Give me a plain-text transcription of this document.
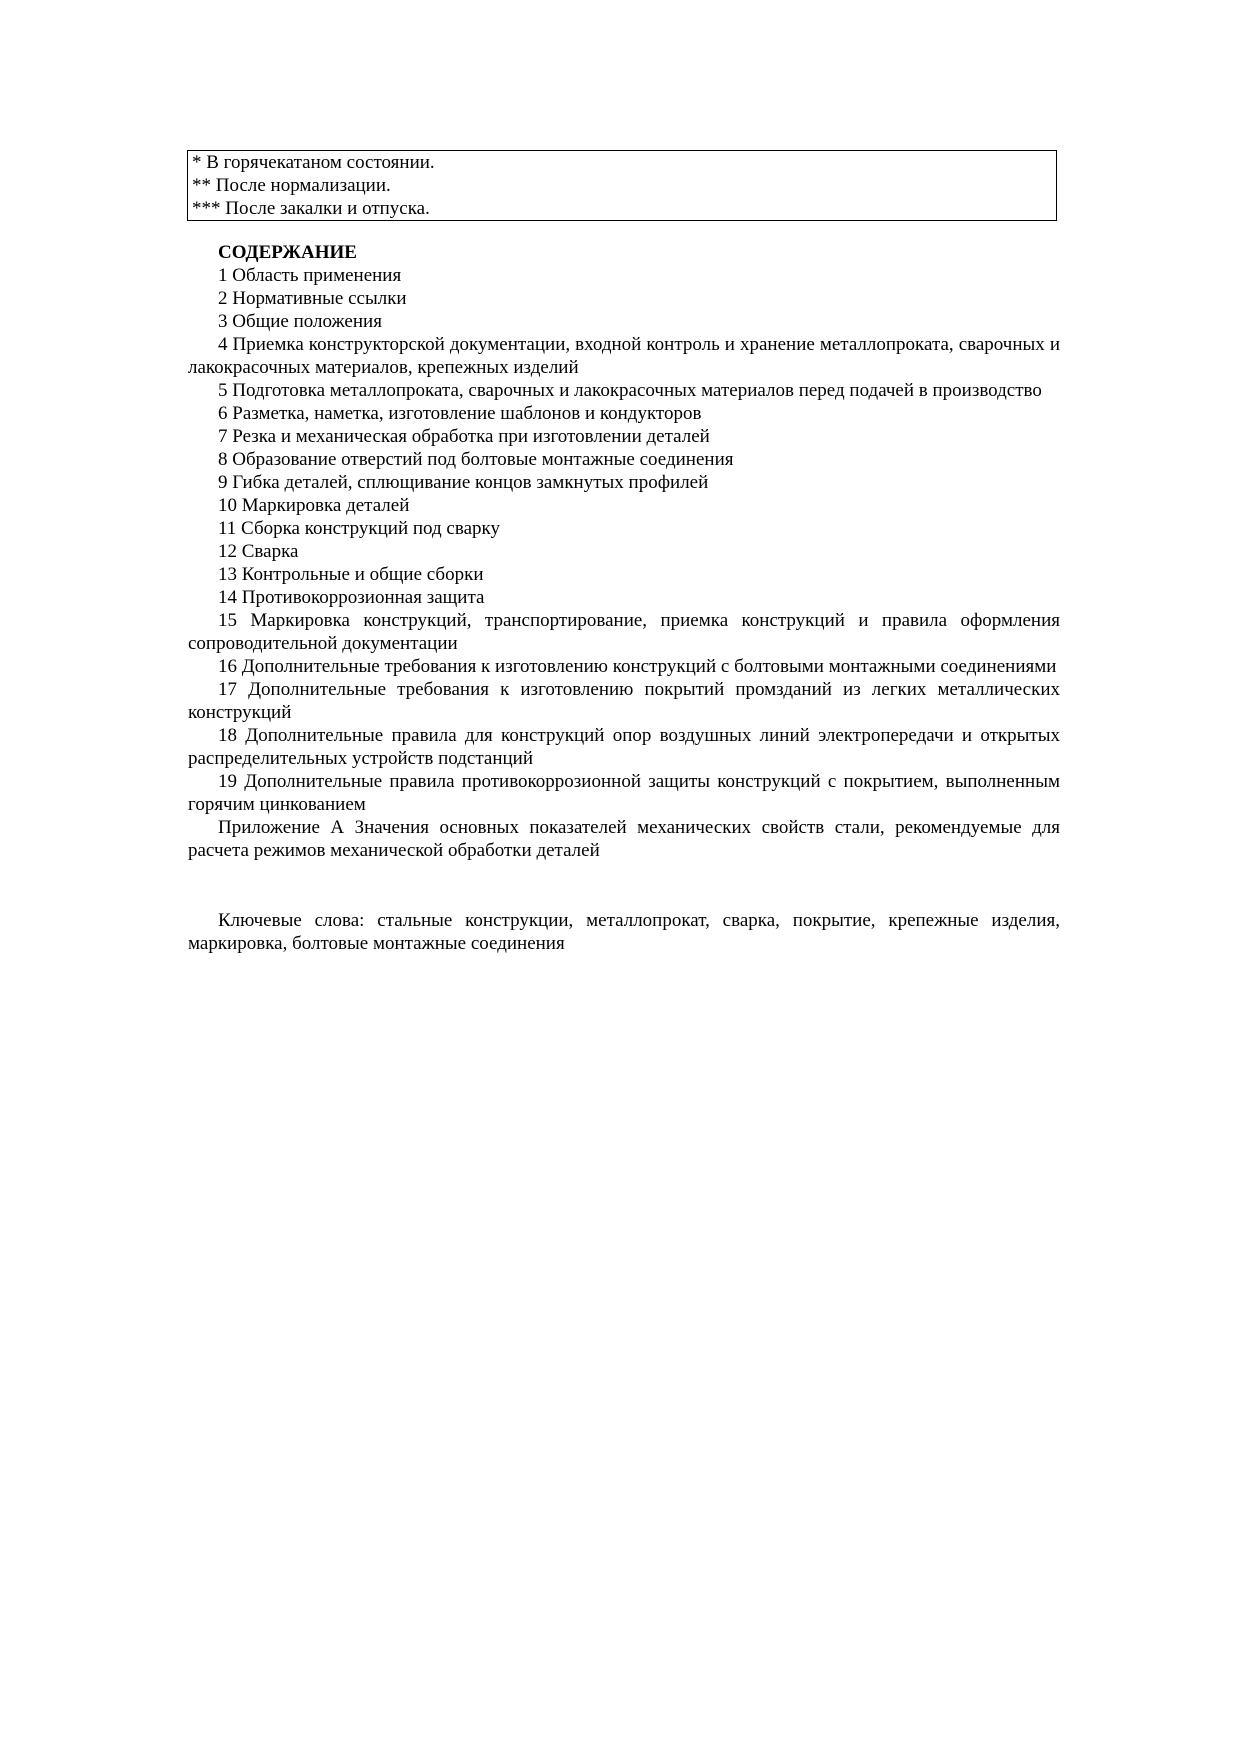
* В горячекатаном состоянии.
** После нормализации.
*** После закалки и отпуска.

СОДЕРЖАНИЕ

1 Область применения

2 Нормативные ссылки

3 Общие положения

4 Приемка конструкторской документации, входной контроль и хранение металлопроката, сварочных и лакокрасочных материалов, крепежных изделий

5 Подготовка металлопроката, сварочных и лакокрасочных материалов перед подачей в производство

6 Разметка, наметка, изготовление шаблонов и кондукторов

7 Резка и механическая обработка при изготовлении деталей

8 Образование отверстий под болтовые монтажные соединения

9 Гибка деталей, сплющивание концов замкнутых профилей

10 Маркировка деталей

11 Сборка конструкций под сварку

12 Сварка

13 Контрольные и общие сборки

14 Противокоррозионная защита

15 Маркировка конструкций, транспортирование, приемка конструкций и правила оформления сопроводительной документации

16 Дополнительные требования к изготовлению конструкций с болтовыми монтажными соединениями

17 Дополнительные требования к изготовлению покрытий промзданий из легких металлических конструкций

18 Дополнительные правила для конструкций опор воздушных линий электропередачи и открытых распределительных устройств подстанций

19 Дополнительные правила противокоррозионной защиты конструкций с покрытием, выполненным горячим цинкованием

Приложение А Значения основных показателей механических свойств стали, рекомендуемые для расчета режимов механической обработки деталей

Ключевые слова: стальные конструкции, металлопрокат, сварка, покрытие, крепежные изделия, маркировка, болтовые монтажные соединения
